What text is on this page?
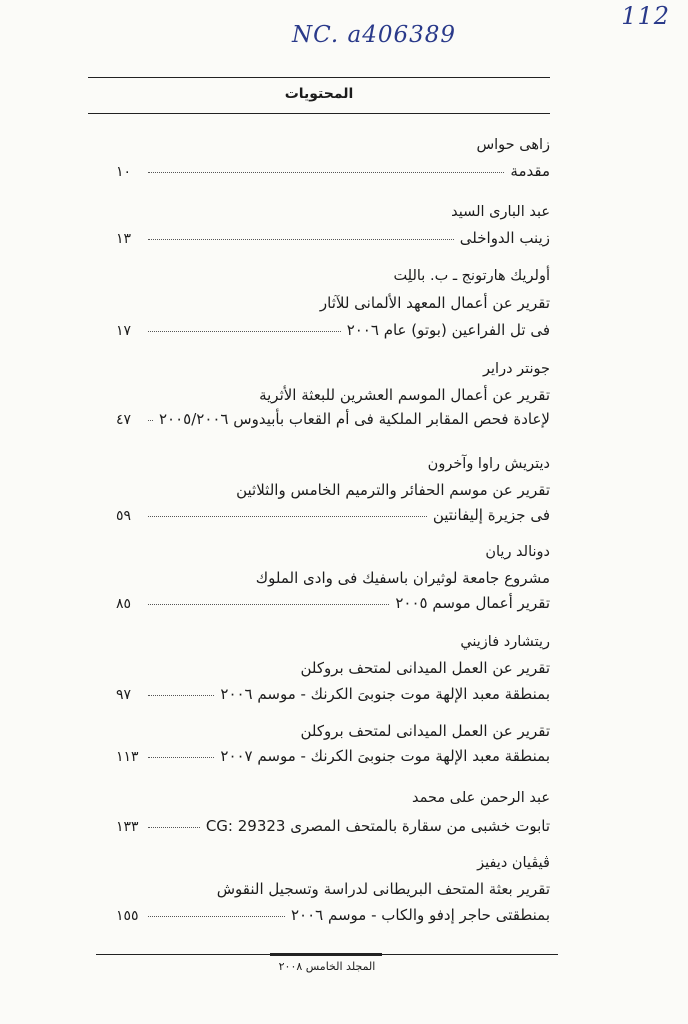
NC. a406389
112
المحتويات
زاهى حواس
مقدمة
١٠
عبد البارى السيد
زينب الدواخلى
١٣
أولريك هارتونج ـ ب. باللِت
تقرير عن أعمال المعهد الألمانى للآثار
فى تل الفراعين (بوتو) عام ٢٠٠٦
١٧
جونتر دراير
تقرير عن أعمال الموسم العشرين للبعثة الأثرية
لإعادة فحص المقابر الملكية فى أم القعاب بأبيدوس ٢٠٠٥/٢٠٠٦
٤٧
ديتريش راوا وآخرون
تقرير عن موسم الحفائر والترميم الخامس والثلاثين
فى جزيرة إليفانتين
٥٩
دونالد ريان
مشروع جامعة لوثيران باسفيك فى وادى الملوك
تقرير أعمال موسم ٢٠٠٥
٨٥
ريتشارد فازيني
تقرير عن العمل الميدانى لمتحف بروكلن
بمنطقة معبد الإلهة موت جنوبىَ الكرنك - موسم ٢٠٠٦
٩٧
تقرير عن العمل الميدانى لمتحف بروكلن
بمنطقة معبد الإلهة موت جنوبىَ الكرنك - موسم ٢٠٠٧
١١٣
عبد الرحمن على محمد
تابوت خشبى من سقارة بالمتحف المصرى CG: 29323
١٣٣
ڤيڤيان ديفيز
تقرير بعثة المتحف البريطانى لدراسة وتسجيل النقوش
بمنطقتى حاجر إدفو والكاب - موسم ٢٠٠٦
١٥٥
المجلد الخامس ٢٠٠٨
